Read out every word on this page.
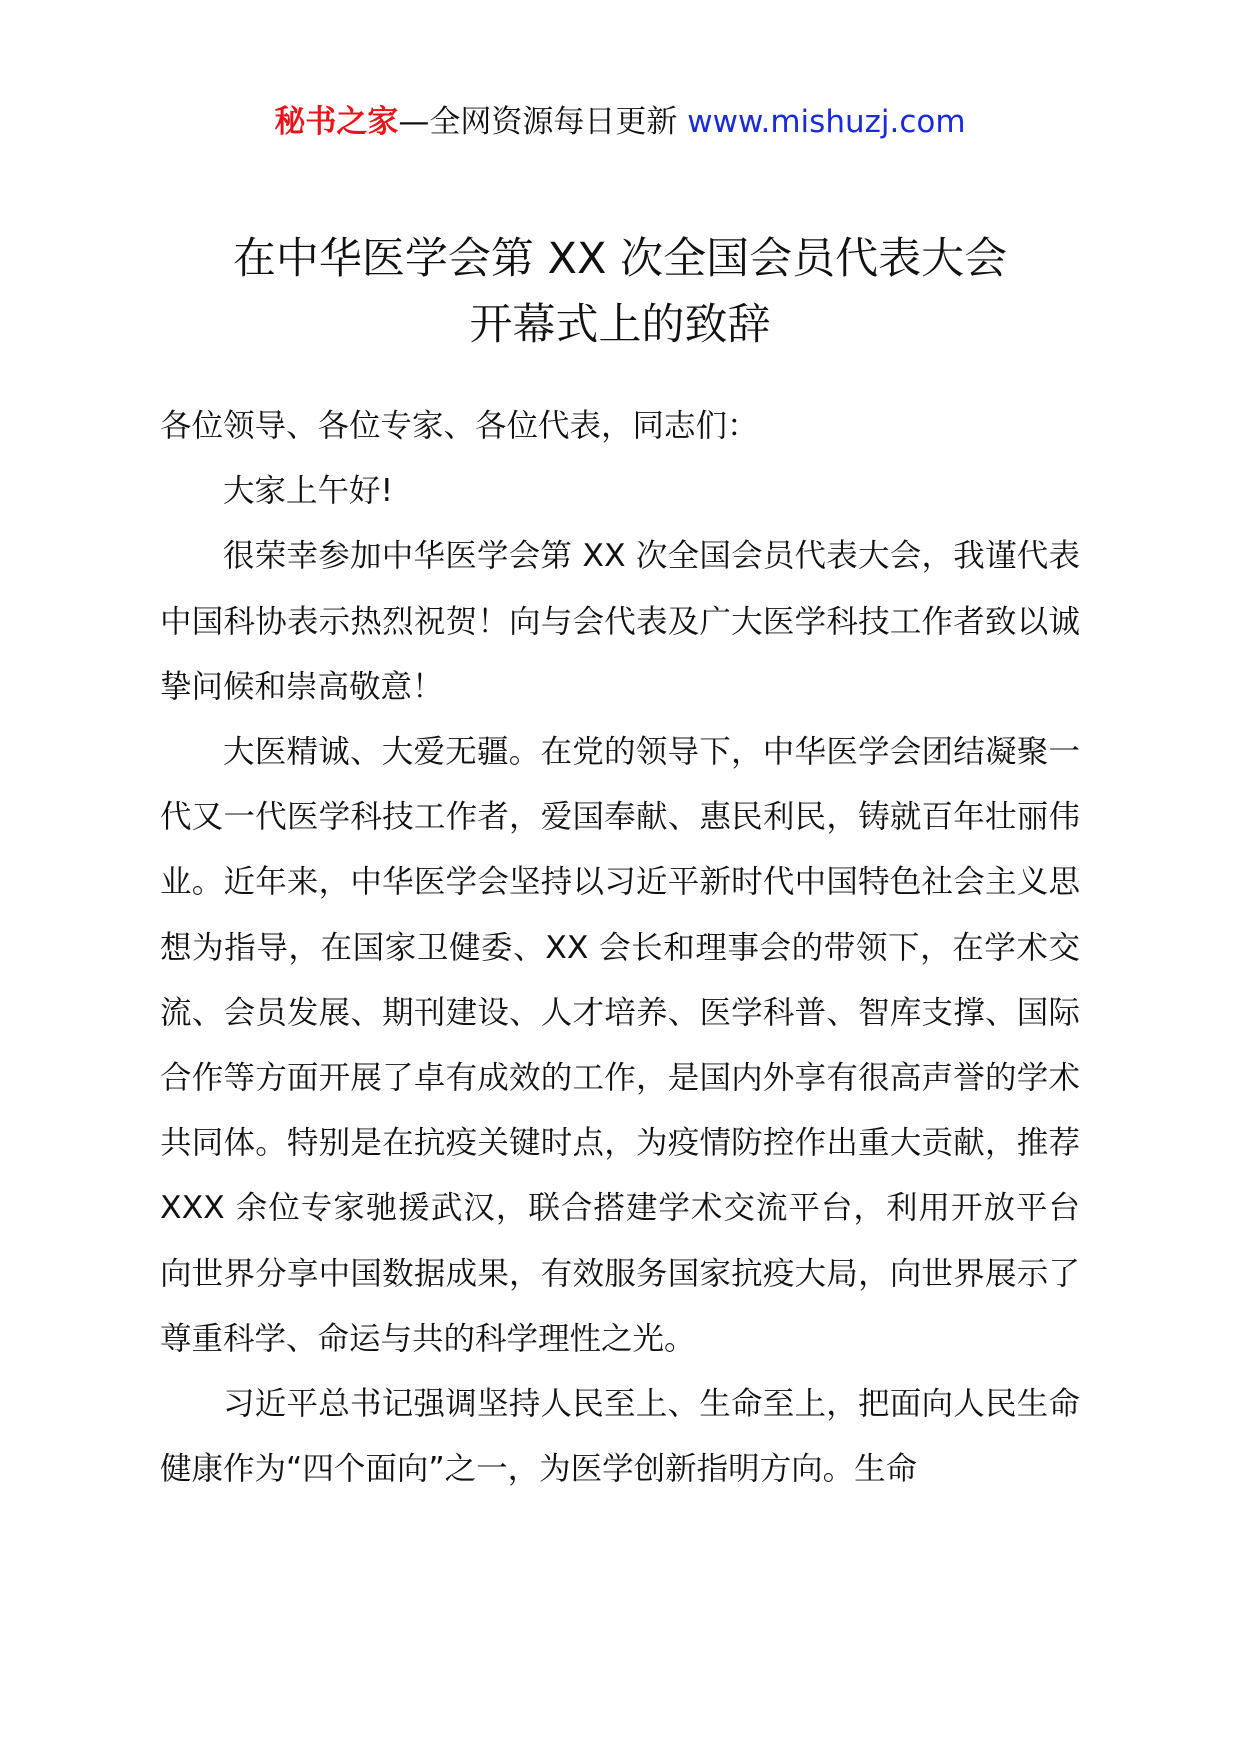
秘书之家—全网资源每日更新 www.mishuzj.com
在中华医学会第 XX 次全国会员代表大会
开幕式上的致辞

各位领导、各位专家、各位代表，同志们：

大家上午好!

很荣幸参加中华医学会第 XX 次全国会员代表大会，我谨代表中国科协表示热烈祝贺！向与会代表及广大医学科技工作者致以诚挚问候和崇高敬意！

大医精诚、大爱无疆。在党的领导下，中华医学会团结凝聚一代又一代医学科技工作者，爱国奉献、惠民利民，铸就百年壮丽伟业。近年来，中华医学会坚持以习近平新时代中国特色社会主义思想为指导，在国家卫健委、XX 会长和理事会的带领下，在学术交流、会员发展、期刊建设、人才培养、医学科普、智库支撑、国际合作等方面开展了卓有成效的工作，是国内外享有很高声誉的学术共同体。特别是在抗疫关键时点，为疫情防控作出重大贡献，推荐 XXX 余位专家驰援武汉，联合搭建学术交流平台，利用开放平台向世界分享中国数据成果，有效服务国家抗疫大局，向世界展示了尊重科学、命运与共的科学理性之光。

习近平总书记强调坚持人民至上、生命至上，把面向人民生命健康作为“四个面向”之一，为医学创新指明方向。生命
